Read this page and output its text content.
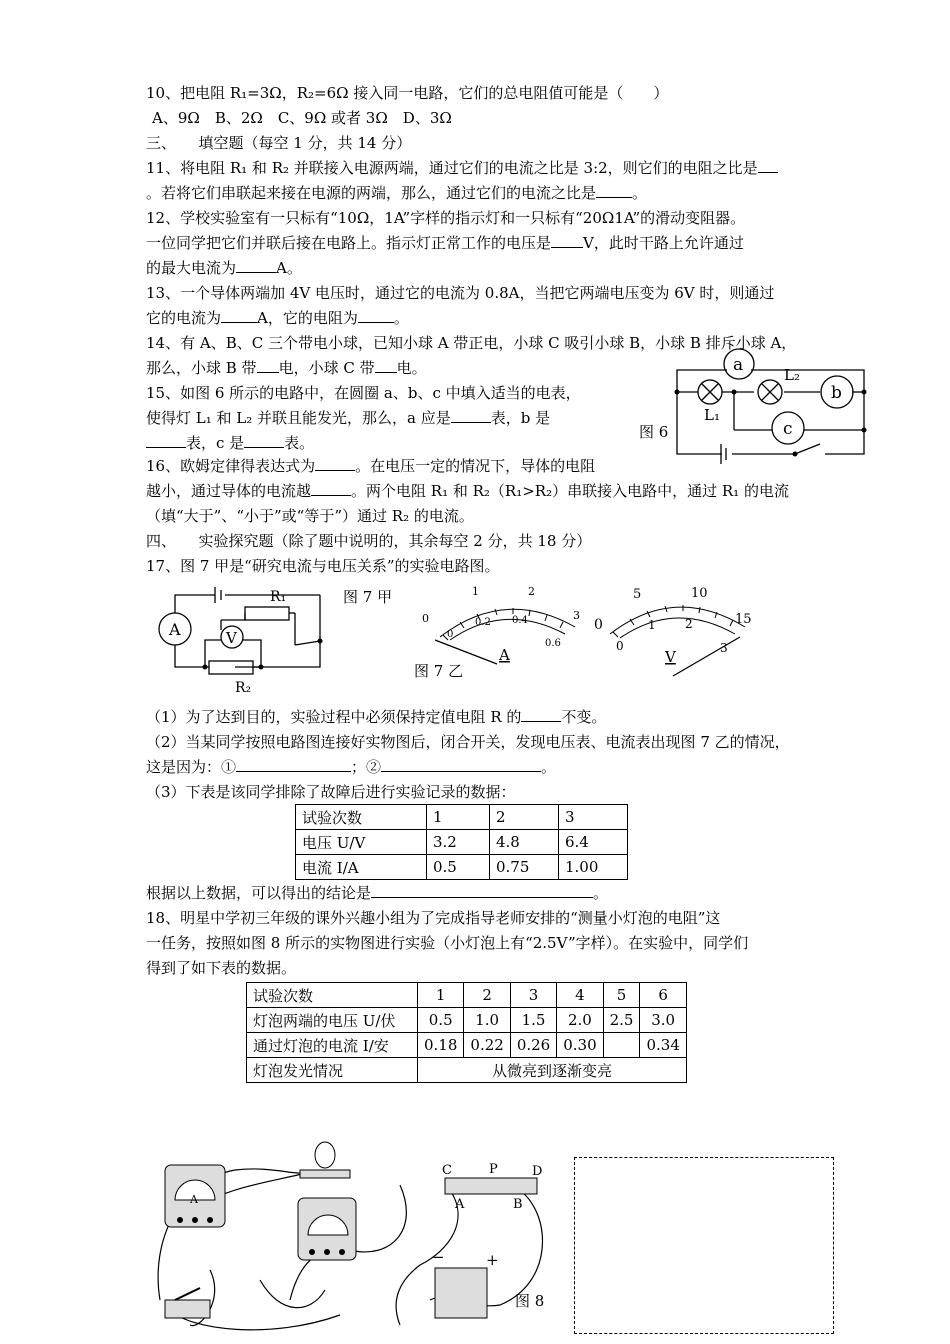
10、把电阻 R₁=3Ω，R₂=6Ω 接入同一电路，它们的总电阻值可能是（　　）
A、9Ω　B、2Ω　C、9Ω 或者 3Ω　D、3Ω
三、　　填空题（每空 1 分，共 14 分）
11、将电阻 R₁ 和 R₂ 并联接入电源两端，通过它们的电流之比是 3:2，则它们的电阻之比是
。若将它们串联起来接在电源的两端，那么，通过它们的电流之比是 。
12、学校实验室有一只标有“10Ω，1A”字样的指示灯和一只标有“20Ω1A”的滑动变阻器。
一位同学把它们并联后接在电路上。指示灯正常工作的电压是 V，此时干路上允许通过
的最大电流为	A。
13、一个导体两端加 4V 电压时，通过它的电流为 0.8A，当把它两端电压变为 6V 时，则通过
它的电流为 A，它的电阻为 。
14、有 A、B、C 三个带电小球，已知小球 A 带正电，小球 C 吸引小球 B，小球 B 排斥小球 A，
那么，小球 B 带 电，小球 C 带 电。
15、如图 6 所示的电路中，在圆圈 a、b、c 中填入适当的电表，
使得灯 L₁ 和 L₂ 并联且能发光，那么，a 应是	表，b 是
表，c 是	表。
图 6
a
b
c
L₁
L₂
16、欧姆定律得表达式为	。在电压一定的情况下，导体的电阻
越小，通过导体的电流越	。两个电阻 R₁ 和 R₂（R₁>R₂）串联接入电路中，通过 R₁ 的电流
（填“大于”、“小于”或“等于”）通过 R₂ 的电流。
四、　　实验探究题（除了题中说明的，其余每空 2 分，共 18 分）
17、图 7 甲是“研究电流与电压关系”的实验电路图。
A	V
R₁
R₂
图 7 甲
0
1	2
3
0
0.2 0.4
0.6
A
0
5	10
15
0
1 2
3
V
图 7 乙
（1）为了达到目的，实验过程中必须保持定值电阻 R 的	不变。
（2）当某同学按照电路图连接好实物图后，闭合开关，发现电压表、电流表出现图 7 乙的情况，
这是因为：①	；②	。
（3）下表是该同学排除了故障后进行实验记录的数据：
试验次数	1	2	3
电压 U/V	3.2	4.8	6.4
电流 I/A	0.5	0.75	1.00
根据以上数据，可以得出的结论是	。
18、明星中学初三年级的课外兴趣小组为了完成指导老师安排的“测量小灯泡的电阻”这
一任务，按照如图 8 所示的实物图进行实验（小灯泡上有“2.5V”字样）。在实验中，同学们
得到了如下表的数据。
试验次数	1	2	3	4	5	6
灯泡两端的电压 U/伏	0.5	1.0	1.5	2.0	2.5	3.0
通过灯泡的电流 I/安	0.18	0.22	0.26	0.30		0.34
灯泡发光情况	从微亮到逐渐变亮					
A
C	P	D
A	B
−	+
图 8
